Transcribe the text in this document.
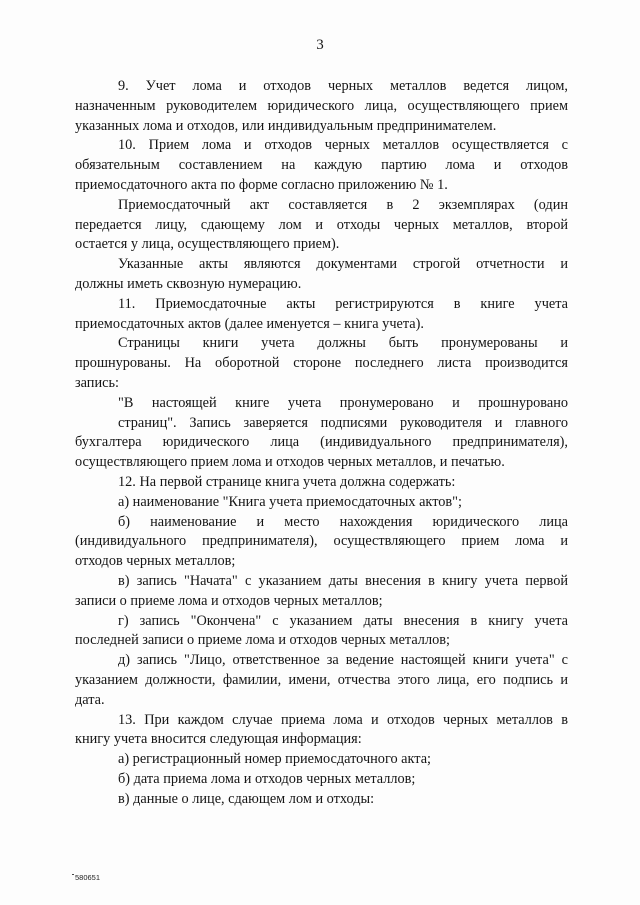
3
9. Учет лома и отходов черных металлов ведется лицом,
назначенным руководителем юридического лица, осуществляющего прием
указанных лома и отходов, или индивидуальным предпринимателем.
10. Прием лома и отходов черных металлов осуществляется с
обязательным составлением на каждую партию лома и отходов
приемосдаточного акта по форме согласно приложению № 1.
Приемосдаточный акт составляется в 2 экземплярах (один
передается лицу, сдающему лом и отходы черных металлов, второй
остается у лица, осуществляющего прием).
Указанные акты являются документами строгой отчетности и
должны иметь сквозную нумерацию.
11. Приемосдаточные акты регистрируются в книге учета
приемосдаточных актов (далее именуется – книга учета).
Страницы книги учета должны быть пронумерованы и
прошнурованы. На оборотной стороне последнего листа производится
запись:
"В настоящей книге учета пронумеровано и прошнуровано
страниц". Запись заверяется подписями руководителя и главного
бухгалтера юридического лица (индивидуального предпринимателя),
осуществляющего прием лома и отходов черных металлов, и печатью.
12. На первой странице книга учета должна содержать:
а) наименование "Книга учета приемосдаточных актов";
б) наименование и место нахождения юридического лица
(индивидуального предпринимателя), осуществляющего прием лома и
отходов черных металлов;
в) запись "Начата" с указанием даты внесения в книгу учета первой
записи о приеме лома и отходов черных металлов;
г) запись "Окончена" с указанием даты внесения в книгу учета
последней записи о приеме лома и отходов черных металлов;
д) запись "Лицо, ответственное за ведение настоящей книги учета" с
указанием должности, фамилии, имени, отчества этого лица, его подпись и
дата.
13. При каждом случае приема лома и отходов черных металлов в
книгу учета вносится следующая информация:
а) регистрационный номер приемосдаточного акта;
б) дата приема лома и отходов черных металлов;
в) данные о лице, сдающем лом и отходы:
580651
